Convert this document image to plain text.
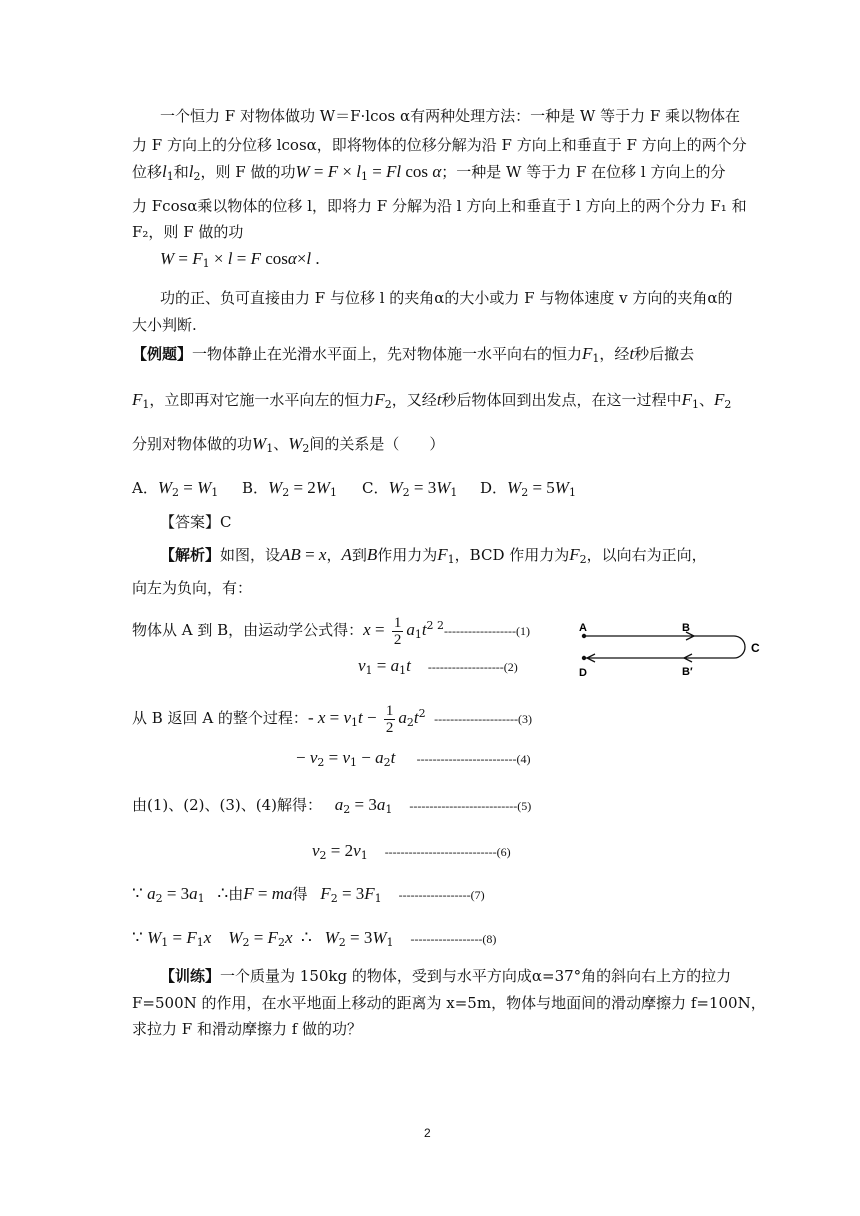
一个恒力 F 对物体做功 W＝F·lcos α有两种处理方法：一种是 W 等于力 F 乘以物体在
力 F 方向上的分位移 lcosα，即将物体的位移分解为沿 F 方向上和垂直于 F 方向上的两个分
位移$l_1$和$l_2$，则 F 做的功$W = F \times l_1 = Fl$ cos α；一种是 W 等于力 F 在位移 l 方向上的分
力 Fcosα乘以物体的位移 l，即将力 F 分解为沿 l 方向上和垂直于 l 方向上的两个分力 F₁ 和
F₂，则 F 做的功
$W = F_1 \times l = F$ cosα×l .
功的正、负可直接由力 F 与位移 l 的夹角α的大小或力 F 与物体速度 v 方向的夹角α的
大小判断.
【例题】一物体静止在光滑水平面上，先对物体施一水平向右的恒力$F_1$，经t秒后撤去
$F_1$，立即再对它施一水平向左的恒力$F_2$，又经t秒后物体回到出发点，在这一过程中$F_1$、$F_2$
分别对物体做的功$W_1$、$W_2$间的关系是（　　）
A．$W_2 = W_1$ B．$W_2 = 2W_1$ C．$W_2 = 3W_1$ D．$W_2 = 5W_1$
【答案】C
【解析】如图，设AB = x，A到B作用力为$F_1$，BCD 作用力为$F_2$，以向右为正向，
向左为负向，有：
物体从 A 到 B，由运动学公式得：$x = \frac{1}{2} a_1t^{2 2}------------------(1)$
$v_1 = a_1t$ -------------------(2)
从 B 返回 A 的整个过程：- $x = v_1t - \frac{1}{2} a_2t^2$ ---------------------(3)
− $v_2 = v_1 - a_2t$ -------------------------(4)
由(1)、(2)、(3)、(4)解得： $a_2 = 3a_1$ ---------------------------(5)
$v_2 = 2v_1$ ----------------------------(6)
∵ $a_2 = 3a_1$   ∴由F = ma得 $F_2 = 3F_1$ ------------------(7)
∵ $W_1 = F_1x$ $W_2 = F_2x$  ∴   $W_2 = 3W_1$ ------------------(8)
A	B
C
D	B′
【训练】一个质量为 150kg 的物体，受到与水平方向成α=37°角的斜向右上方的拉力
F=500N 的作用，在水平地面上移动的距离为 x=5m，物体与地面间的滑动摩擦力 f=100N，
求拉力 F 和滑动摩擦力 f 做的功？
2
